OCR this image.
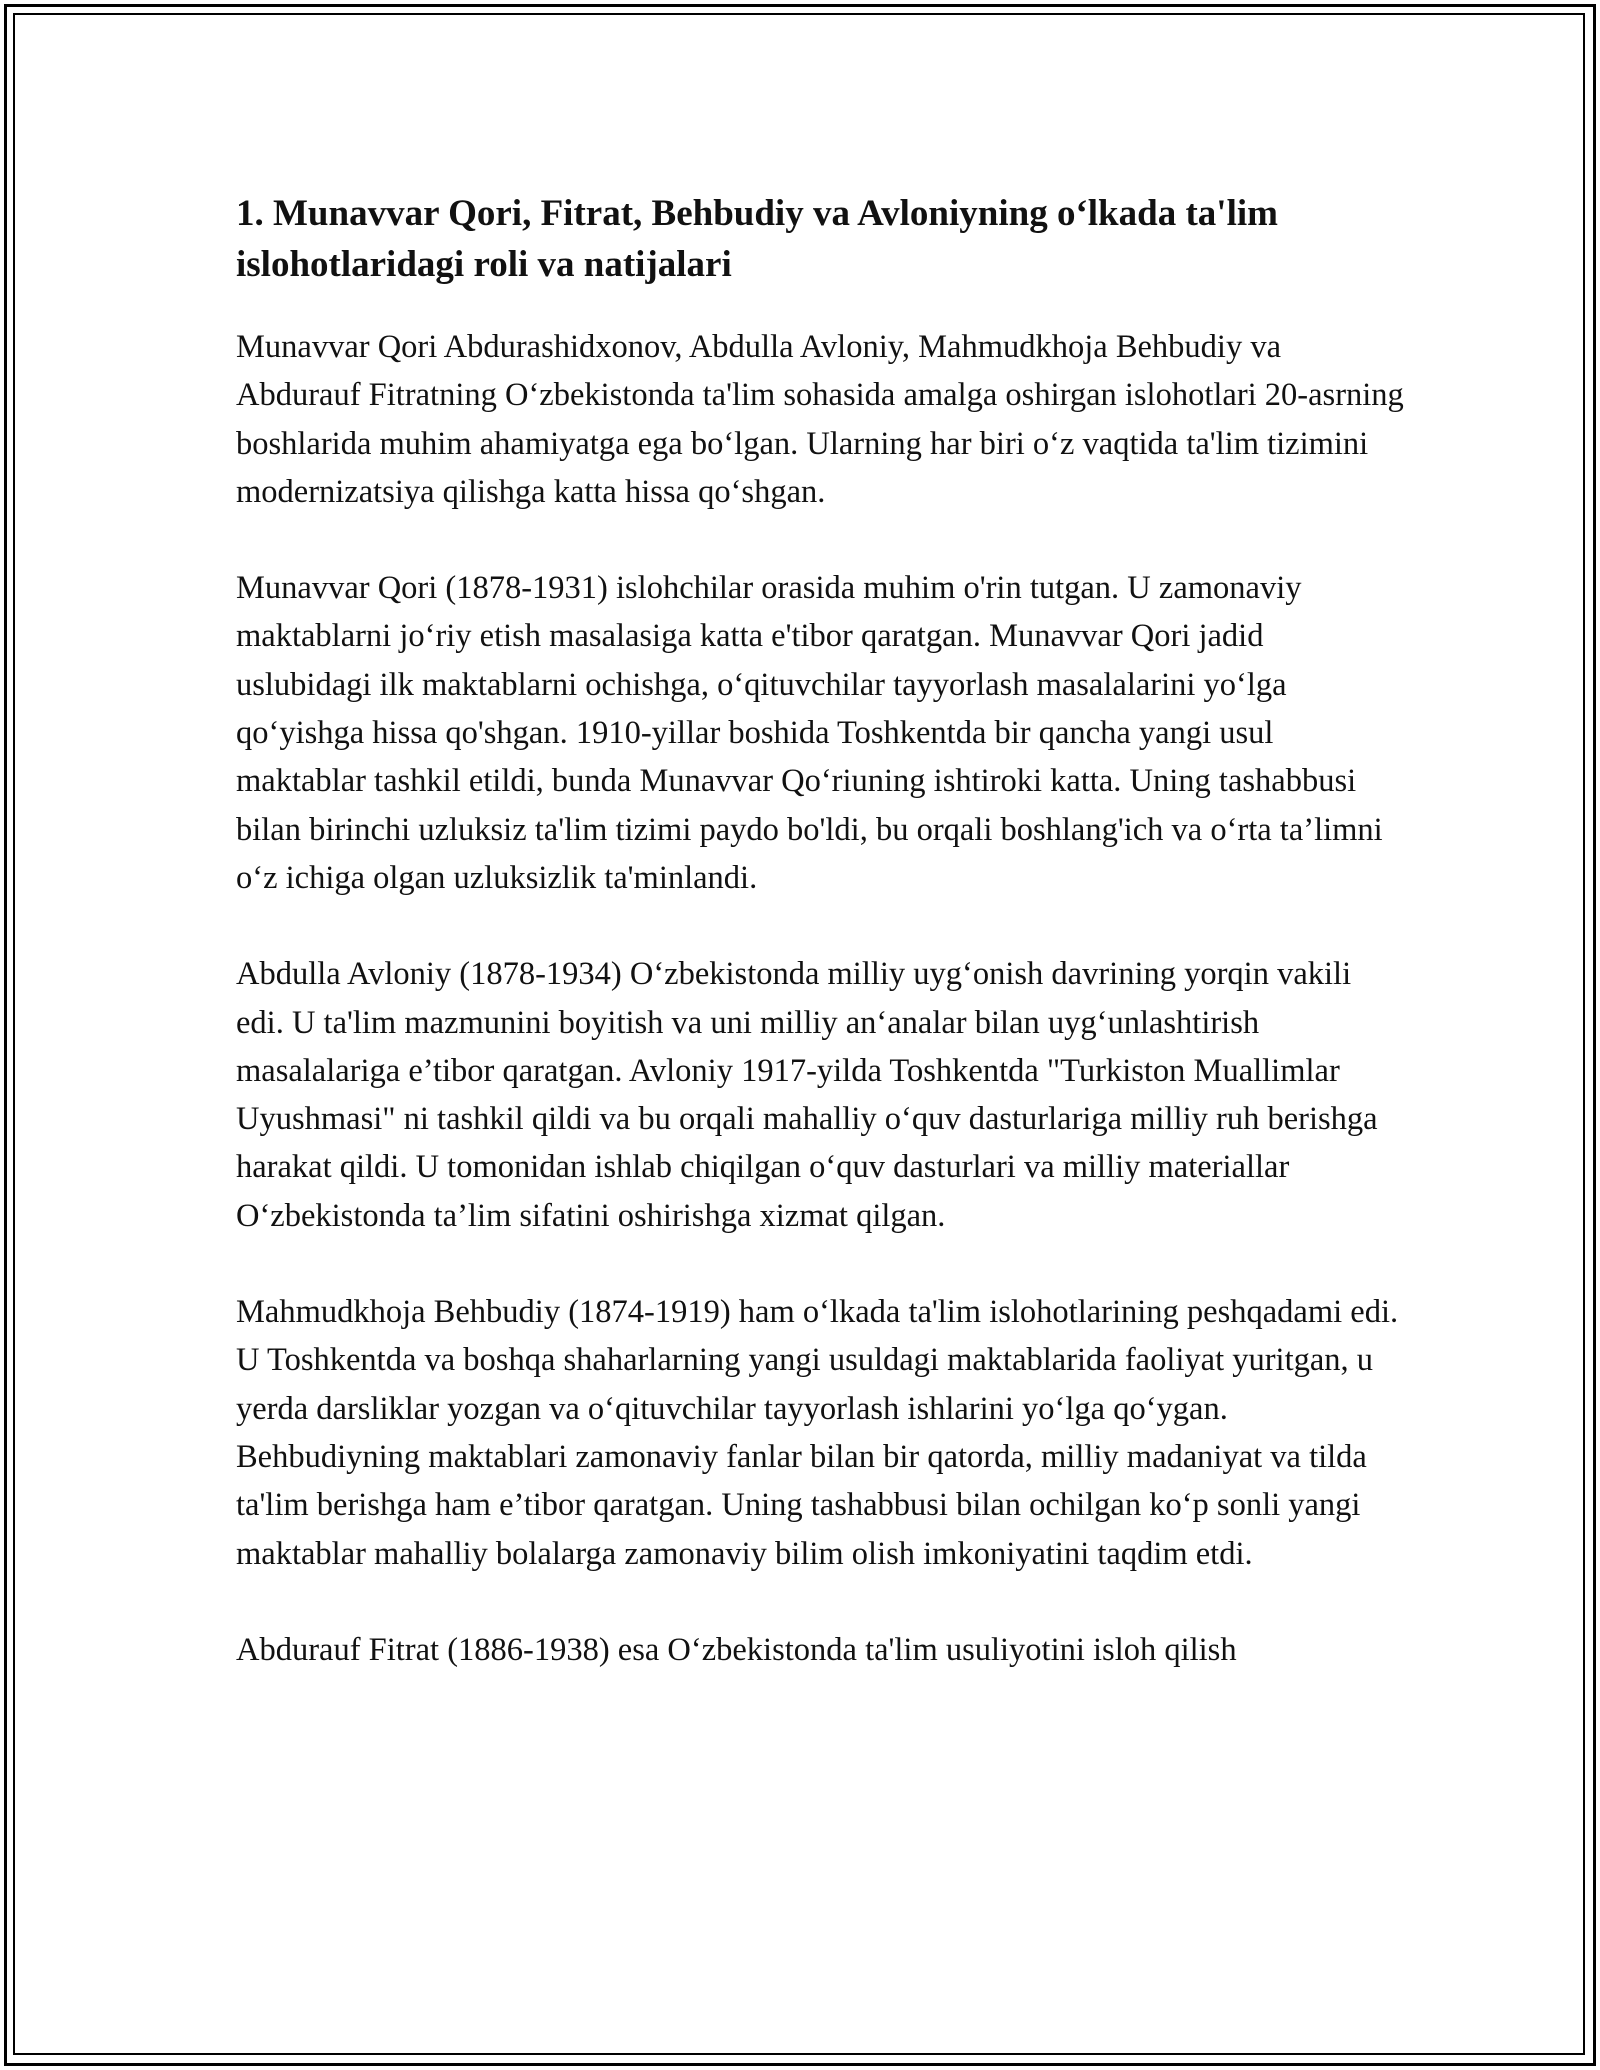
1. Munavvar Qori, Fitrat, Behbudiy va Avloniyning o‘lkada ta'lim islohotlaridagi roli va natijalari

Munavvar Qori Abdurashidxonov, Abdulla Avloniy, Mahmudkhoja Behbudiy va Abdurauf Fitratning O‘zbekistonda ta'lim sohasida amalga oshirgan islohotlari 20-asrning boshlarida muhim ahamiyatga ega bo‘lgan. Ularning har biri o‘z vaqtida ta'lim tizimini modernizatsiya qilishga katta hissa qo‘shgan.

Munavvar Qori (1878-1931) islohchilar orasida muhim o'rin tutgan. U zamonaviy maktablarni jo‘riy etish masalasiga katta e'tibor qaratgan. Munavvar Qori jadid uslubidagi ilk maktablarni ochishga, o‘qituvchilar tayyorlash masalalarini yo‘lga qo‘yishga hissa qo'shgan. 1910-yillar boshida Toshkentda bir qancha yangi usul maktablar tashkil etildi, bunda Munavvar Qo‘riuning ishtiroki katta. Uning tashabbusi bilan birinchi uzluksiz ta'lim tizimi paydo bo'ldi, bu orqali boshlang'ich va o‘rta ta’limni o‘z ichiga olgan uzluksizlik ta'minlandi.

Abdulla Avloniy (1878-1934) O‘zbekistonda milliy uyg‘onish davrining yorqin vakili edi. U ta'lim mazmunini boyitish va uni milliy an‘analar bilan uyg‘unlashtirish masalalariga e’tibor qaratgan. Avloniy 1917-yilda Toshkentda "Turkiston Muallimlar Uyushmasi" ni tashkil qildi va bu orqali mahalliy o‘quv dasturlariga milliy ruh berishga harakat qildi. U tomonidan ishlab chiqilgan o‘quv dasturlari va milliy materiallar O‘zbekistonda ta’lim sifatini oshirishga xizmat qilgan.

Mahmudkhoja Behbudiy (1874-1919) ham o‘lkada ta'lim islohotlarining peshqadami edi. U Toshkentda va boshqa shaharlarning yangi usuldagi maktablarida faoliyat yuritgan, u yerda darsliklar yozgan va o‘qituvchilar tayyorlash ishlarini yo‘lga qo‘ygan. Behbudiyning maktablari zamonaviy fanlar bilan bir qatorda, milliy madaniyat va tilda ta'lim berishga ham e’tibor qaratgan. Uning tashabbusi bilan ochilgan ko‘p sonli yangi maktablar mahalliy bolalarga zamonaviy bilim olish imkoniyatini taqdim etdi.

Abdurauf Fitrat (1886-1938) esa O‘zbekistonda ta'lim usuliyotini isloh qilish
